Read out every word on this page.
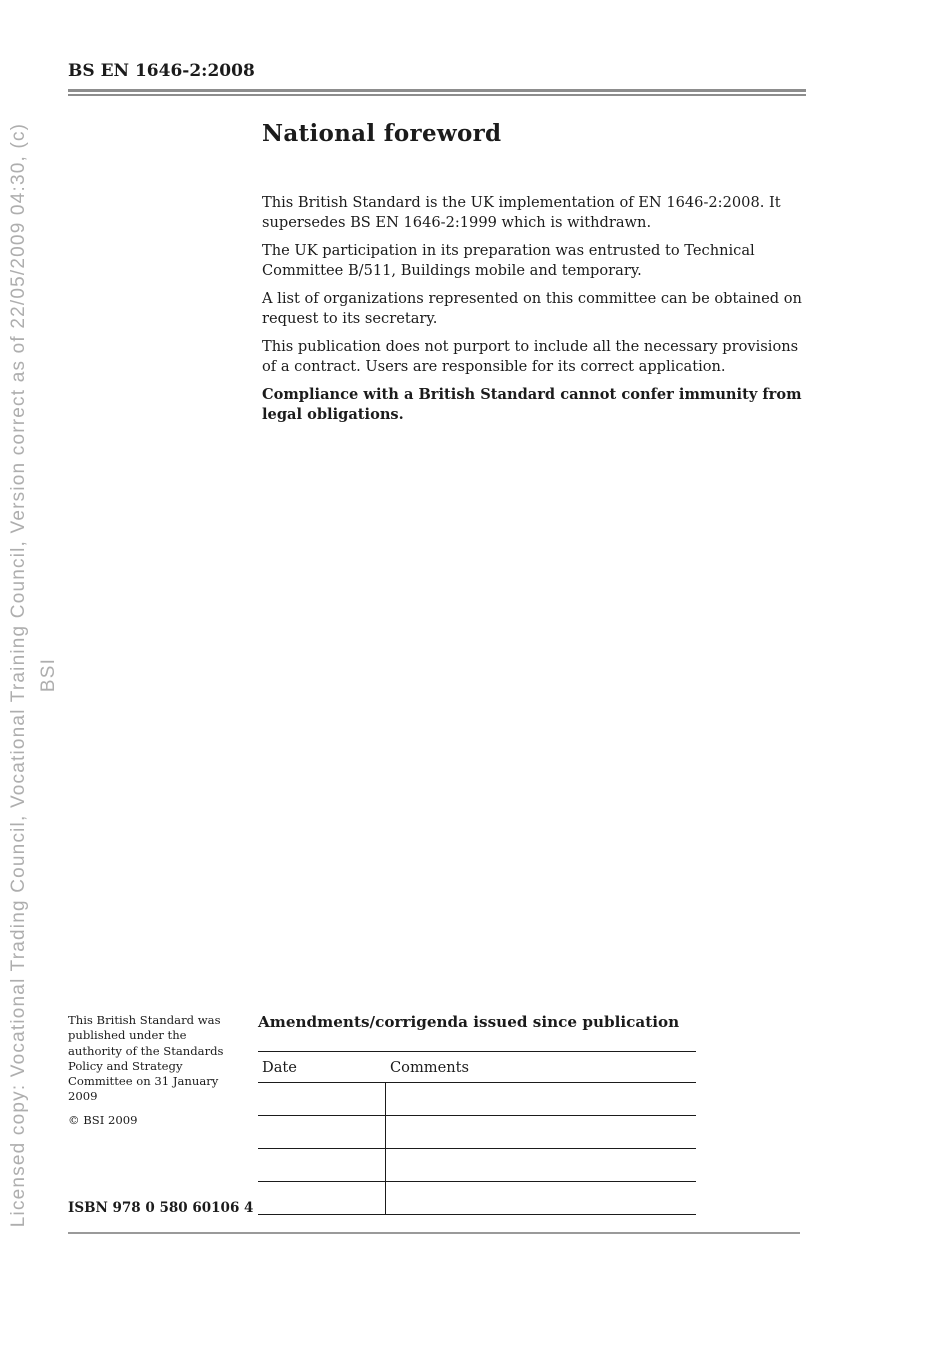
Licensed copy: Vocational Trading Council, Vocational Training Council, Version correct as of 22/05/2009 04:30, (c) BSI
BS EN 1646-2:2008
National foreword

This British Standard is the UK implementation of EN 1646-2:2008. It supersedes BS EN 1646-2:1999 which is withdrawn.

The UK participation in its preparation was entrusted to Technical Committee B/511, Buildings mobile and temporary.

A list of organizations represented on this committee can be obtained on request to its secretary.

This publication does not purport to include all the necessary provisions of a contract. Users are responsible for its correct application.

Compliance with a British Standard cannot confer immunity from legal obligations.

This British Standard was published under the authority of the Standards Policy and Strategy Committee on 31 January 2009
© BSI 2009
Amendments/corrigenda issued since publication
Date	Comments
ISBN 978 0 580 60106 4
